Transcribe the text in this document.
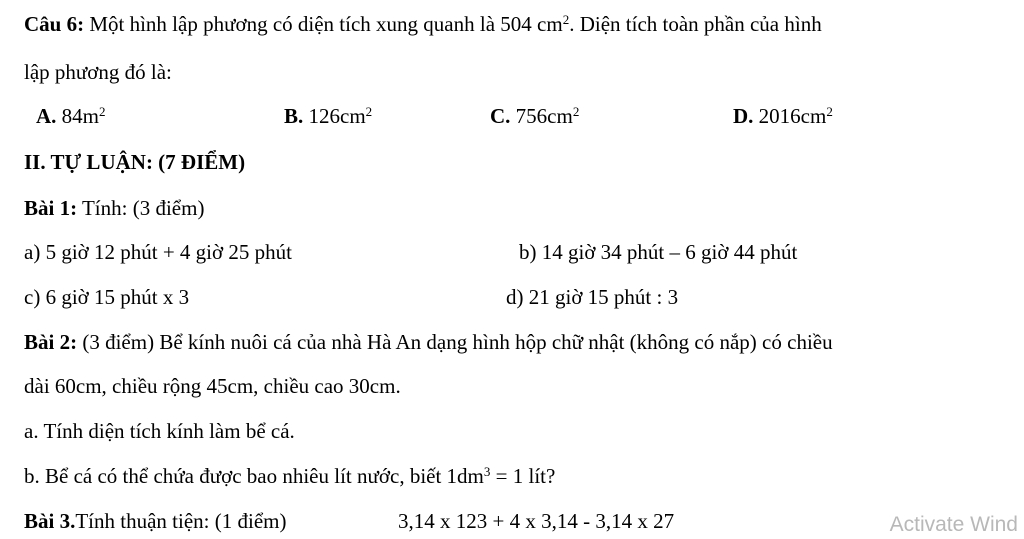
Câu 6: Một hình lập phương có diện tích xung quanh là 504 $cm^2$. Diện tích toàn phần của hình
lập phương đó là:
A. $84m^2$	B. $126cm^2$	C. $756cm^2$	D. $2016cm^2$
II. TỰ LUẬN: (7 ĐIỂM)
Bài 1: Tính: (3 điểm)
a) 5 giờ 12 phút + 4 giờ 25 phút	b) 14 giờ 34 phút – 6 giờ 44 phút
c) 6 giờ 15 phút x 3	d) 21 giờ 15 phút : 3
Bài 2: (3 điểm) Bể kính nuôi cá của nhà Hà An dạng hình hộp chữ nhật (không có nắp) có chiều
dài 60cm, chiều rộng 45cm, chiều cao 30cm.
a. Tính diện tích kính làm bể cá.
b. Bể cá có thể chứa được bao nhiêu lít nước, biết $1dm^3 = 1$ lít?
Bài 3.Tính thuận tiện: (1 điểm)	3,14 x 123 + 4 x 3,14 - 3,14 x 27	Activate Wind
